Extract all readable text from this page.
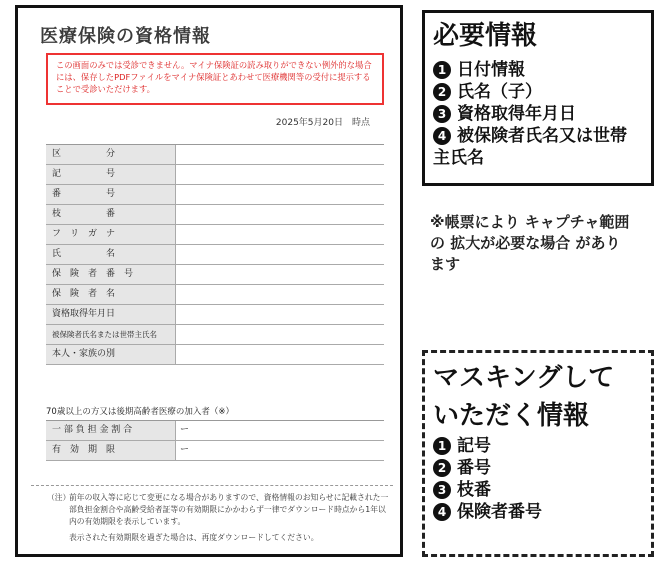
医療保険の資格情報
この画面のみでは受診できません。マイナ保険証の読み取りができない例外的な場合には、保存したPDFファイルをマイナ保険証とあわせて医療機関等の受付に提示することで受診いただけます。
2025年5月20日　時点
区　　　　　分
記　　　　　号
番　　　　　号
枝　　　　　番
フ　リ　ガ　ナ
氏　　　　　名
保　険　者　番　号
保　険　者　名
資格取得年月日
被保険者氏名または世帯主氏名
本人・家族の別
70歳以上の方又は後期高齢者医療の加入者（※）
一 部 負 担 金 割 合	ー
有　効　期　限	ー
（注）
前年の収入等に応じて変更になる場合がありますので、資格情報のお知らせに記載された一部負担金割合や高齢受給者証等の有効期限にかかわらず一律でダウンロード時点から1年以内の有効期限を表示しています。
表示された有効期限を過ぎた場合は、再度ダウンロードしてください。
必要情報
1 日付情報
2 氏名（子）
3 資格取得年月日
4 被保険者氏名又は世帯主氏名
※帳票により キャプチャ範囲の 拡大が必要な場合 があります
マスキングして
いただく情報
1 記号
2 番号
3 枝番
4 保険者番号
